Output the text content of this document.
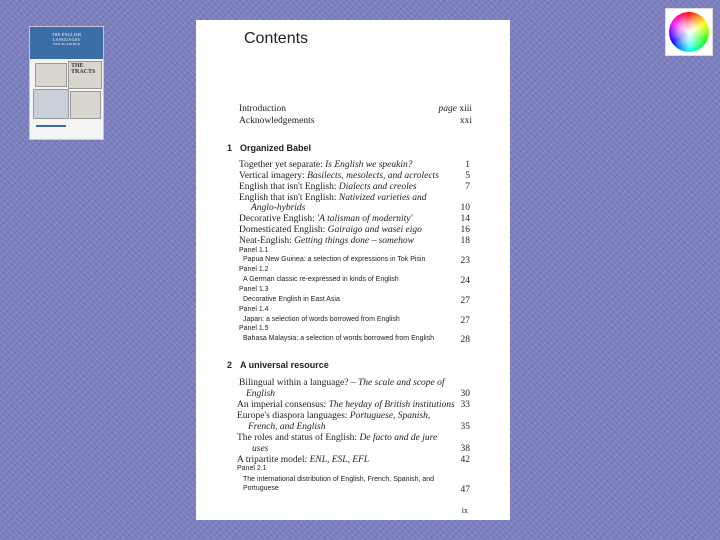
THE ENGLISH
LANGUAGES
TOM McARTHUR
THE TRACTS
Contents
Introduction	page xiii
Acknowledgements	xxi
1 Organized Babel
Together yet separate: Is English we speakin?	1
Vertical imagery: Basilects, mesolects, and acrolects	5
English that isn't English: Dialects and creoles	7
English that isn't English: Nativized varieties and
Anglo-hybrids	10
Decorative English: 'A talisman of modernity'	14
Domesticated English: Gairaigo and wasei eigo	16
Neat-English: Getting things done – somehow	18
Panel 1.1
Papua New Guinea: a selection of expressions in Tok Pisin	23
Panel 1.2
A German classic re-expressed in kinds of English	24
Panel 1.3
Decorative English in East Asia	27
Panel 1.4
Japan: a selection of words borrowed from English	27
Panel 1.5
Bahasa Malaysia: a selection of words borrowed from English	28
2 A universal resource
Bilingual within a language? – The scale and scope of
English	30
An imperial consensus: The heyday of British institutions 33
Europe's diaspora languages: Portuguese, Spanish,
French, and English	35
The roles and status of English: De facto and de jure
uses	38
A tripartite model: ENL, ESL, EFL	42
Panel 2.1
The international distribution of English, French, Spanish, and
Portuguese	47
ix
